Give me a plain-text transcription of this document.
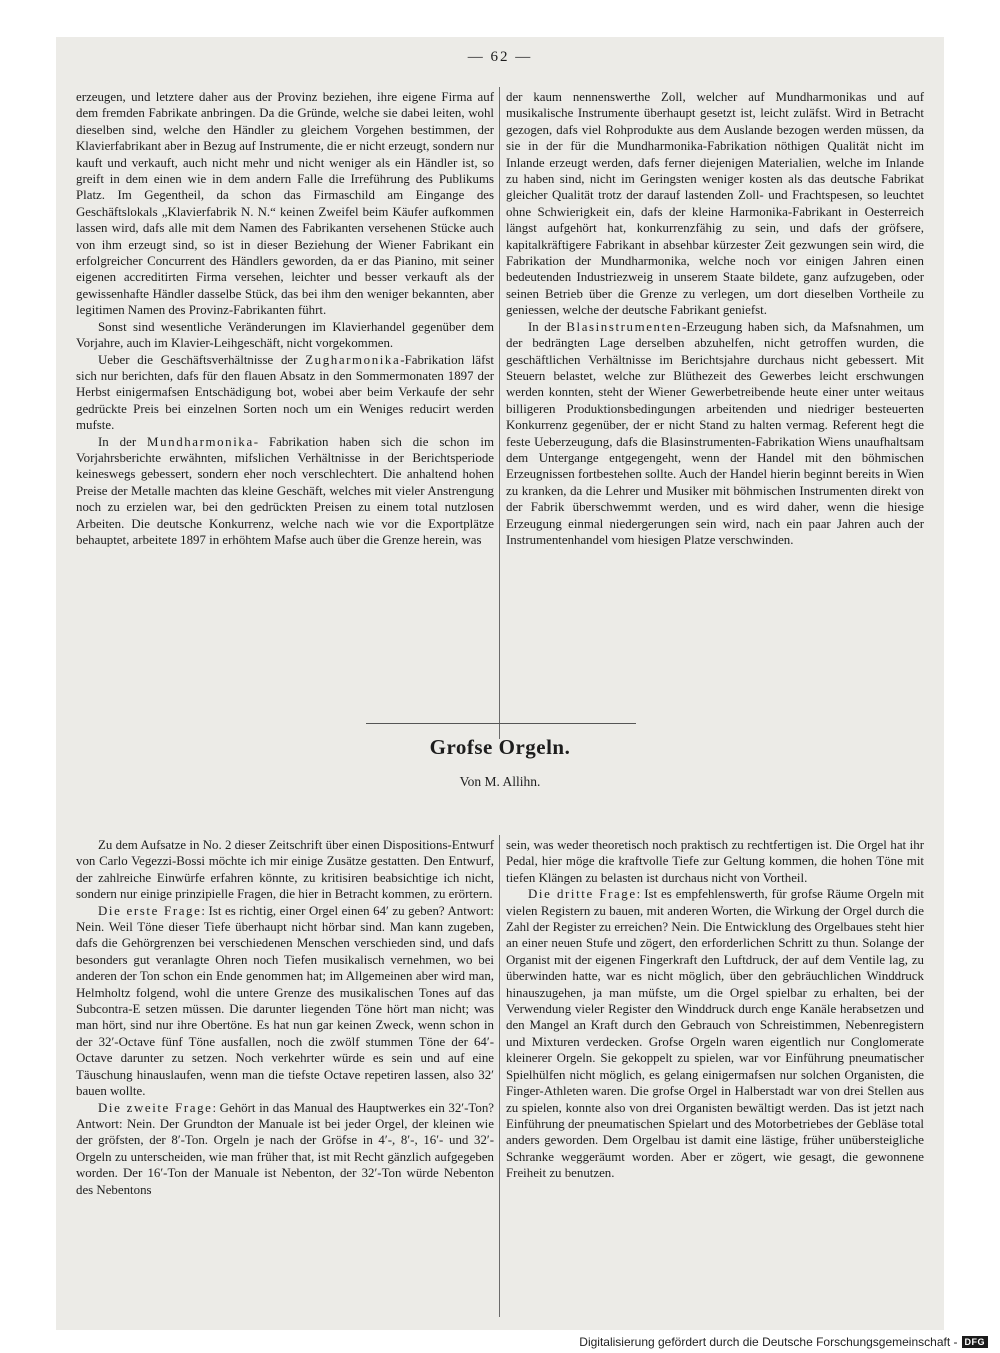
— 62 —

erzeugen, und letztere daher aus der Provinz beziehen, ihre eigene Firma auf dem fremden Fabrikate anbringen. Da die Gründe, welche sie dabei leiten, wohl dieselben sind, welche den Händler zu gleichem Vorgehen bestimmen, der Klavierfabrikant aber in Bezug auf Instrumente, die er nicht erzeugt, sondern nur kauft und verkauft, auch nicht mehr und nicht weniger als ein Händler ist, so greift in dem einen wie in dem andern Falle die Irreführung des Publikums Platz. Im Gegentheil, da schon das Firmaschild am Eingange des Geschäftslokals „Klavierfabrik N. N.“ keinen Zweifel beim Käufer aufkommen lassen wird, dafs alle mit dem Namen des Fabrikanten versehenen Stücke auch von ihm erzeugt sind, so ist in dieser Beziehung der Wiener Fabrikant ein erfolgreicher Concurrent des Händlers geworden, da er das Pianino, mit seiner eigenen accreditirten Firma versehen, leichter und besser verkauft als der gewissenhafte Händler dasselbe Stück, das bei ihm den weniger bekannten, aber legitimen Namen des Provinz-Fabrikanten führt.

Sonst sind wesentliche Veränderungen im Klavierhandel gegenüber dem Vorjahre, auch im Klavier-Leihgeschäft, nicht vorgekommen.

Ueber die Geschäftsverhältnisse der Zugharmonika-Fabrikation läfst sich nur berichten, dafs für den flauen Absatz in den Sommermonaten 1897 der Herbst einigermafsen Entschädigung bot, wobei aber beim Verkaufe der sehr gedrückte Preis bei einzelnen Sorten noch um ein Weniges reducirt werden mufste.

In der Mundharmonika- Fabrikation haben sich die schon im Vorjahrsberichte erwähnten, mifslichen Verhältnisse in der Berichtsperiode keineswegs gebessert, sondern eher noch verschlechtert. Die anhaltend hohen Preise der Metalle machten das kleine Geschäft, welches mit vieler Anstrengung noch zu erzielen war, bei den gedrückten Preisen zu einem total nutzlosen Arbeiten. Die deutsche Konkurrenz, welche nach wie vor die Exportplätze behauptet, arbeitete 1897 in erhöhtem Mafse auch über die Grenze herein, was

der kaum nennenswerthe Zoll, welcher auf Mundharmonikas und auf musikalische Instrumente überhaupt gesetzt ist, leicht zuläfst. Wird in Betracht gezogen, dafs viel Rohprodukte aus dem Auslande bezogen werden müssen, da sie in der für die Mundharmonika-Fabrikation nöthigen Qualität nicht im Inlande erzeugt werden, dafs ferner diejenigen Materialien, welche im Inlande zu haben sind, nicht im Geringsten weniger kosten als das deutsche Fabrikat gleicher Qualität trotz der darauf lastenden Zoll- und Frachtspesen, so leuchtet ohne Schwierigkeit ein, dafs der kleine Harmonika-Fabrikant in Oesterreich längst aufgehört hat, konkurrenzfähig zu sein, und dafs der gröfsere, kapitalkräftigere Fabrikant in absehbar kürzester Zeit gezwungen sein wird, die Fabrikation der Mundharmonika, welche noch vor einigen Jahren einen bedeutenden Industriezweig in unserem Staate bildete, ganz aufzugeben, oder seinen Betrieb über die Grenze zu verlegen, um dort dieselben Vortheile zu geniessen, welche der deutsche Fabrikant geniefst.

In der Blasinstrumenten-Erzeugung haben sich, da Mafsnahmen, um der bedrängten Lage derselben abzuhelfen, nicht getroffen wurden, die geschäftlichen Verhältnisse im Berichtsjahre durchaus nicht gebessert. Mit Steuern belastet, welche zur Blüthezeit des Gewerbes leicht erschwungen werden konnten, steht der Wiener Gewerbetreibende heute einer unter weitaus billigeren Produktionsbedingungen arbeitenden und niedriger besteuerten Konkurrenz gegenüber, der er nicht Stand zu halten vermag. Referent hegt die feste Ueberzeugung, dafs die Blasinstrumenten-Fabrikation Wiens unaufhaltsam dem Untergange entgegengeht, wenn der Handel mit den böhmischen Erzeugnissen fortbestehen sollte. Auch der Handel hierin beginnt bereits in Wien zu kranken, da die Lehrer und Musiker mit böhmischen Instrumenten direkt von der Fabrik überschwemmt werden, und es wird daher, wenn die hiesige Erzeugung einmal niedergerungen sein wird, nach ein paar Jahren auch der Instrumentenhandel vom hiesigen Platze verschwinden.

Grofse Orgeln.
Von M. Allihn.

Zu dem Aufsatze in No. 2 dieser Zeitschrift über einen Dispositions-Entwurf von Carlo Vegezzi-Bossi möchte ich mir einige Zusätze gestatten. Den Entwurf, der zahlreiche Einwürfe erfahren könnte, zu kritisiren beabsichtige ich nicht, sondern nur einige prinzipielle Fragen, die hier in Betracht kommen, zu erörtern.

Die erste Frage: Ist es richtig, einer Orgel einen 64′ zu geben? Antwort: Nein. Weil Töne dieser Tiefe überhaupt nicht hörbar sind. Man kann zugeben, dafs die Gehörgrenzen bei verschiedenen Menschen verschieden sind, und dafs besonders gut veranlagte Ohren noch Tiefen musikalisch vernehmen, wo bei anderen der Ton schon ein Ende genommen hat; im Allgemeinen aber wird man, Helmholtz folgend, wohl die untere Grenze des musikalischen Tones auf das Subcontra-E setzen müssen. Die darunter liegenden Töne hört man nicht; was man hört, sind nur ihre Obertöne. Es hat nun gar keinen Zweck, wenn schon in der 32′-Octave fünf Töne ausfallen, noch die zwölf stummen Töne der 64′-Octave darunter zu setzen. Noch verkehrter würde es sein und auf eine Täuschung hinauslaufen, wenn man die tiefste Octave repetiren lassen, also 32′ bauen wollte.

Die zweite Frage: Gehört in das Manual des Hauptwerkes ein 32′-Ton? Antwort: Nein. Der Grundton der Manuale ist bei jeder Orgel, der kleinen wie der gröfsten, der 8′-Ton. Orgeln je nach der Gröfse in 4′-, 8′-, 16′- und 32′-Orgeln zu unterscheiden, wie man früher that, ist mit Recht gänzlich aufgegeben worden. Der 16′-Ton der Manuale ist Nebenton, der 32′-Ton würde Nebenton des Nebentons

sein, was weder theoretisch noch praktisch zu rechtfertigen ist. Die Orgel hat ihr Pedal, hier möge die kraftvolle Tiefe zur Geltung kommen, die hohen Töne mit tiefen Klängen zu belasten ist durchaus nicht von Vortheil.

Die dritte Frage: Ist es empfehlenswerth, für grofse Räume Orgeln mit vielen Registern zu bauen, mit anderen Worten, die Wirkung der Orgel durch die Zahl der Register zu erreichen? Nein. Die Entwicklung des Orgelbaues steht hier an einer neuen Stufe und zögert, den erforderlichen Schritt zu thun. Solange der Organist mit der eigenen Fingerkraft den Luftdruck, der auf dem Ventile lag, zu überwinden hatte, war es nicht möglich, über den gebräuchlichen Winddruck hinauszugehen, ja man müfste, um die Orgel spielbar zu erhalten, bei der Verwendung vieler Register den Winddruck durch enge Kanäle herabsetzen und den Mangel an Kraft durch den Gebrauch von Schreistimmen, Nebenregistern und Mixturen verdecken. Grofse Orgeln waren eigentlich nur Conglomerate kleinerer Orgeln. Sie gekoppelt zu spielen, war vor Einführung pneumatischer Spielhülfen nicht möglich, es gelang einigermafsen nur solchen Organisten, die Finger-Athleten waren. Die grofse Orgel in Halberstadt war von drei Stellen aus zu spielen, konnte also von drei Organisten bewältigt werden. Das ist jetzt nach Einführung der pneumatischen Spielart und des Motorbetriebes der Gebläse total anders geworden. Dem Orgelbau ist damit eine lästige, früher unübersteigliche Schranke weggeräumt worden. Aber er zögert, wie gesagt, die gewonnene Freiheit zu benutzen.

Digitalisierung gefördert durch die Deutsche Forschungsgemeinschaft - DFG
